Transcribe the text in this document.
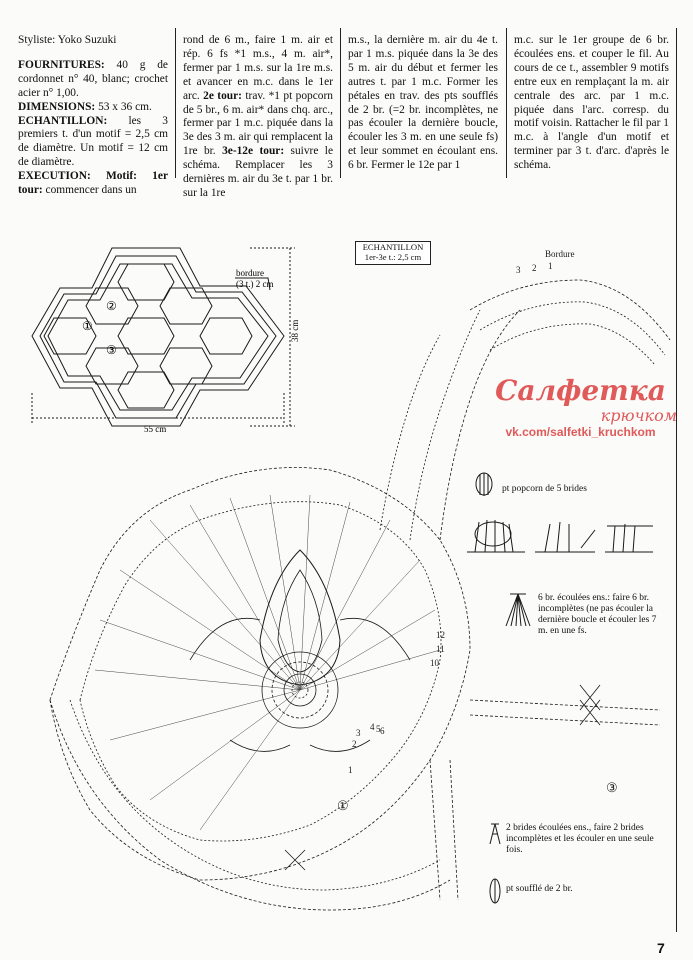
Styliste: Yoko Suzuki

FOURNITURES: 40 g de cordonnet n° 40, blanc; crochet acier n° 1,00.

DIMENSIONS: 53 x 36 cm.

ECHANTILLON: les 3 premiers t. d'un motif = 2,5 cm de diamètre. Un motif = 12 cm de diamètre.

EXECUTION: Motif: 1er tour: commencer dans un

rond de 6 m., faire 1 m. air et rép. 6 fs *1 m.s., 4 m. air*, fermer par 1 m.s. sur la 1re m.s. et avancer en m.c. dans le 1er arc. 2e tour: trav. *1 pt popcorn de 5 br., 6 m. air* dans chq. arc., fermer par 1 m.c. piquée dans la 3e des 3 m. air qui remplacent la 1re br. 3e-12e tour: suivre le schéma. Remplacer les 3 dernières m. air du 3e t. par 1 br. sur la 1re

m.s., la dernière m. air du 4e t. par 1 m.s. piquée dans la 3e des 5 m. air du début et fermer les autres t. par 1 m.c. Former les pétales en trav. des pts soufflés de 2 br. (=2 br. incomplètes, ne pas écouler la dernière boucle, écouler les 3 m. en une seule fs) et leur sommet en écoulant ens. 6 br. Fermer le 12e par 1

m.c. sur le 1er groupe de 6 br. écoulées ens. et couper le fil. Au cours de ce t., assembler 9 motifs entre eux en remplaçant la m. air centrale des arc. par 1 m.c. piquée dans l'arc. corresp. du motif voisin. Rattacher le fil par 1 m.c. à l'angle d'un motif et terminer par 3 t. d'arc. d'après le schéma.

①
②
③
bordure
(3 t.) 2 cm
38 cm
55 cm
ECHANTILLON
1er-3e t.: 2,5 cm	Bordure
3 2 1
1
2
3
4 5 6
10
11
12
①
③
Салфетка
крючком
vk.com/salfetki_kruchkom
pt popcorn de 5 brides
6 br. écoulées ens.: faire 6 br. incomplètes (ne pas écouler la dernière boucle et écouler les 7 m. en une fs.
2 brides écoulées ens., faire 2 brides incomplètes et les écouler en une seule fois.
pt soufflé de 2 br.
7
